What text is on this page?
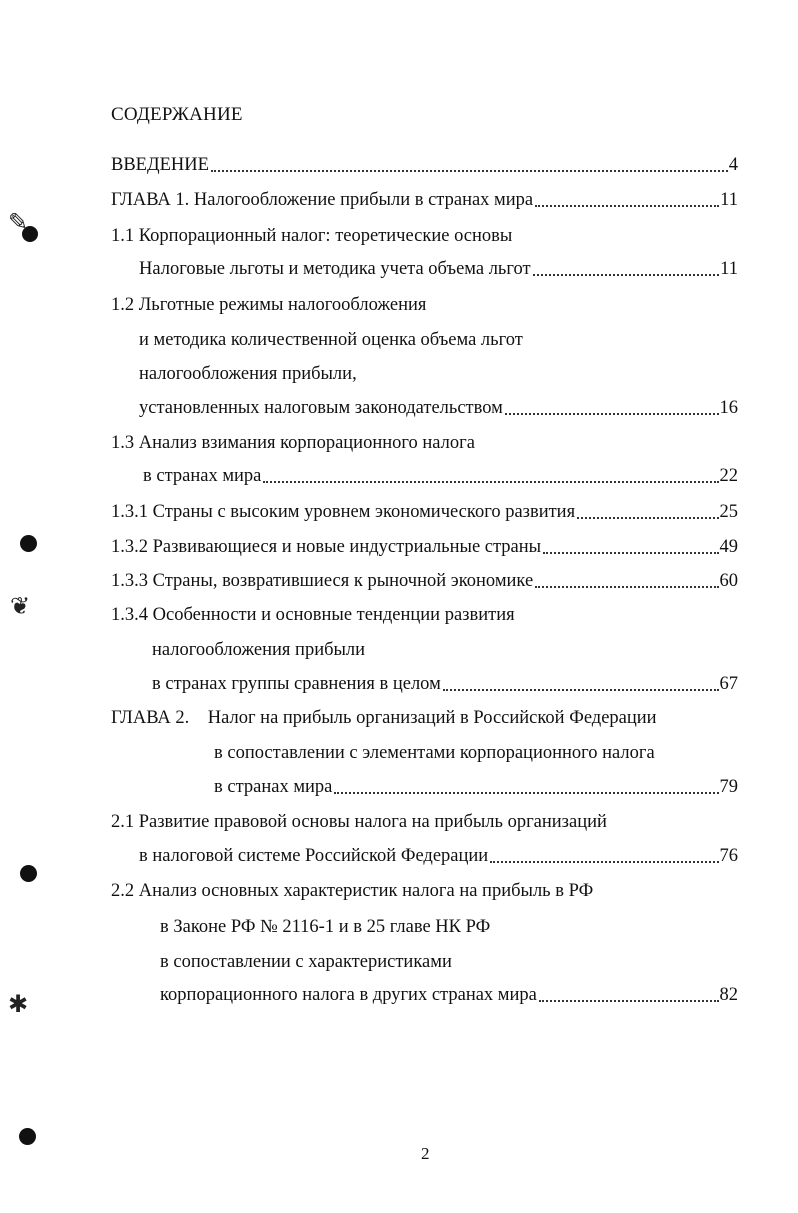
СОДЕРЖАНИЕ
ВВЕДЕНИЕ	4
ГЛАВА 1. Налогообложение прибыли в странах мира	11
1.1 Корпорационный налог: теоретические основы
Налоговые льготы и методика учета объема льгот	11
1.2 Льготные режимы налогообложения
и методика количественной оценка объема льгот
налогообложения прибыли,
установленных налоговым законодательством	16
1.3 Анализ взимания корпорационного налога
в странах мира	22
1.3.1 Страны с высоким уровнем экономического развития	25
1.3.2 Развивающиеся и новые индустриальные страны	49
1.3.3 Страны, возвратившиеся к рыночной экономике	60
1.3.4 Особенности и основные тенденции развития
налогообложения прибыли
в странах группы сравнения в целом	67
ГЛАВА 2.    Налог на прибыль организаций в Российской Федерации
в сопоставлении с элементами корпорационного налога
в странах мира	79
2.1 Развитие правовой основы налога на прибыль организаций
в налоговой системе Российской Федерации	76
2.2 Анализ основных характеристик налога на прибыль в РФ
в Законе РФ № 2116-1 и в 25 главе НК РФ
в сопоставлении с характеристиками
корпорационного налога в других странах мира	82
2
✎
❦
✱
